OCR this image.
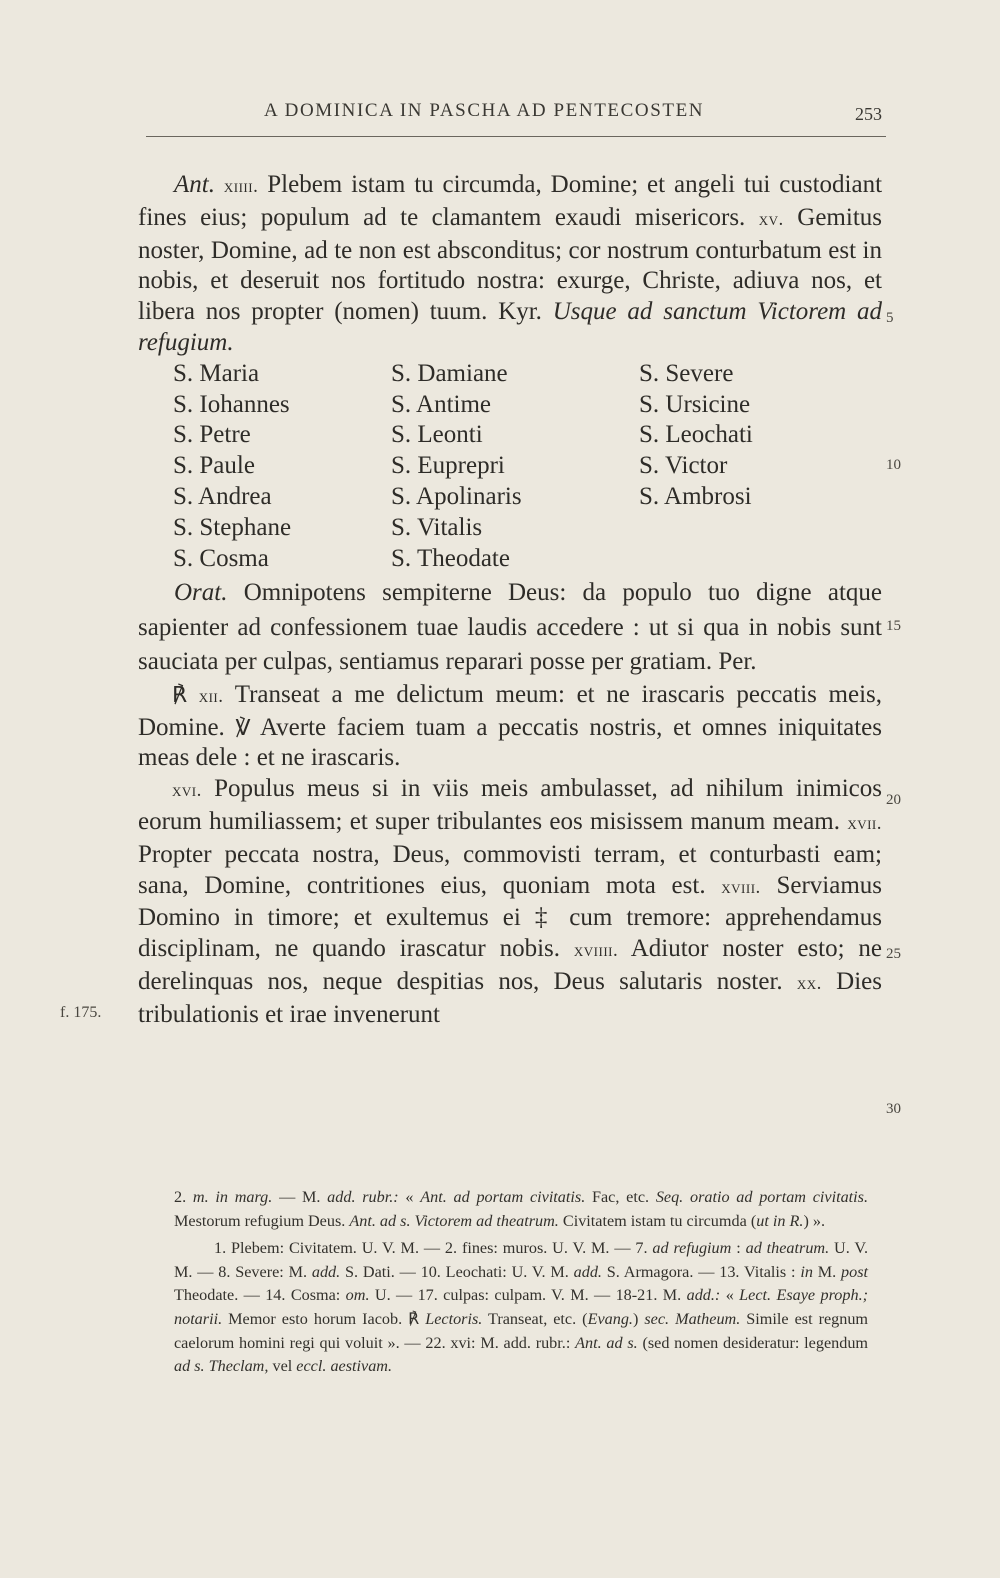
A DOMINICA IN PASCHA AD PENTECOSTEN	253

Ant. xiiii. Plebem istam tu circumda, Domine; et angeli tui custodiant fines eius; populum ad te clamantem exaudi misericors. xv. Gemitus noster, Domine, ad te non est absconditus; cor nostrum conturbatum est in nobis, et deseruit nos fortitudo nostra: exurge, Christe, adiuva nos, et libera nos propter (nomen) tuum. Kyr. Usque ad sanctum Victorem ad refugium.

S. Maria	S. Damiane	S. Severe
S. Iohannes	S. Antime	S. Ursicine
S. Petre	S. Leonti	S. Leochati
S. Paule	S. Euprepri	S. Victor
S. Andrea	S. Apolinaris	S. Ambrosi
S. Stephane	S. Vitalis
S. Cosma	S. Theodate

Orat. Omnipotens sempiterne Deus: da populo tuo digne atque sapienter ad confessionem tuae laudis accedere : ut si qua in nobis sunt sauciata per culpas, sentiamus reparari posse per gratiam. Per.

℟ xii. Transeat a me delictum meum: et ne irascaris peccatis meis, Domine. ℣ Averte faciem tuam a peccatis nostris, et omnes iniquitates meas dele : et ne irascaris.

xvi. Populus meus si in viis meis ambulasset, ad nihilum inimicos eorum humiliassem; et super tribulantes eos misissem manum meam. xvii. Propter peccata nostra, Deus, commovisti terram, et conturbasti eam; sana, Domine, contritiones eius, quoniam mota est. xviii. Serviamus Domino in timore; et exultemus ei ‡ cum tremore: apprehendamus disciplinam, ne quando irascatur nobis. xviiii. Adiutor noster esto; ne derelinquas nos, neque despitias nos, Deus salutaris noster. xx. Dies tribulationis et irae invenerunt

5
10
15
20
25
30
f. 175.

2. m. in marg. — M. add. rubr.: « Ant. ad portam civitatis. Fac, etc. Seq. oratio ad portam civitatis. Mestorum refugium Deus. Ant. ad s. Victorem ad theatrum. Civitatem istam tu circumda (ut in R.) ».

1. Plebem: Civitatem. U. V. M. — 2. fines: muros. U. V. M. — 7. ad refugium : ad theatrum. U. V. M. — 8. Severe: M. add. S. Dati. — 10. Leochati: U. V. M. add. S. Armagora. — 13. Vitalis : in M. post Theodate. — 14. Cosma: om. U. — 17. culpas: culpam. V. M. — 18-21. M. add.: « Lect. Esaye proph.; notarii. Memor esto horum Iacob. ℟ Lectoris. Transeat, etc. (Evang.) sec. Matheum. Simile est regnum caelorum homini regi qui voluit ». — 22. xvi: M. add. rubr.: Ant. ad s. (sed nomen desideratur: legendum ad s. Theclam, vel eccl. aestivam.
